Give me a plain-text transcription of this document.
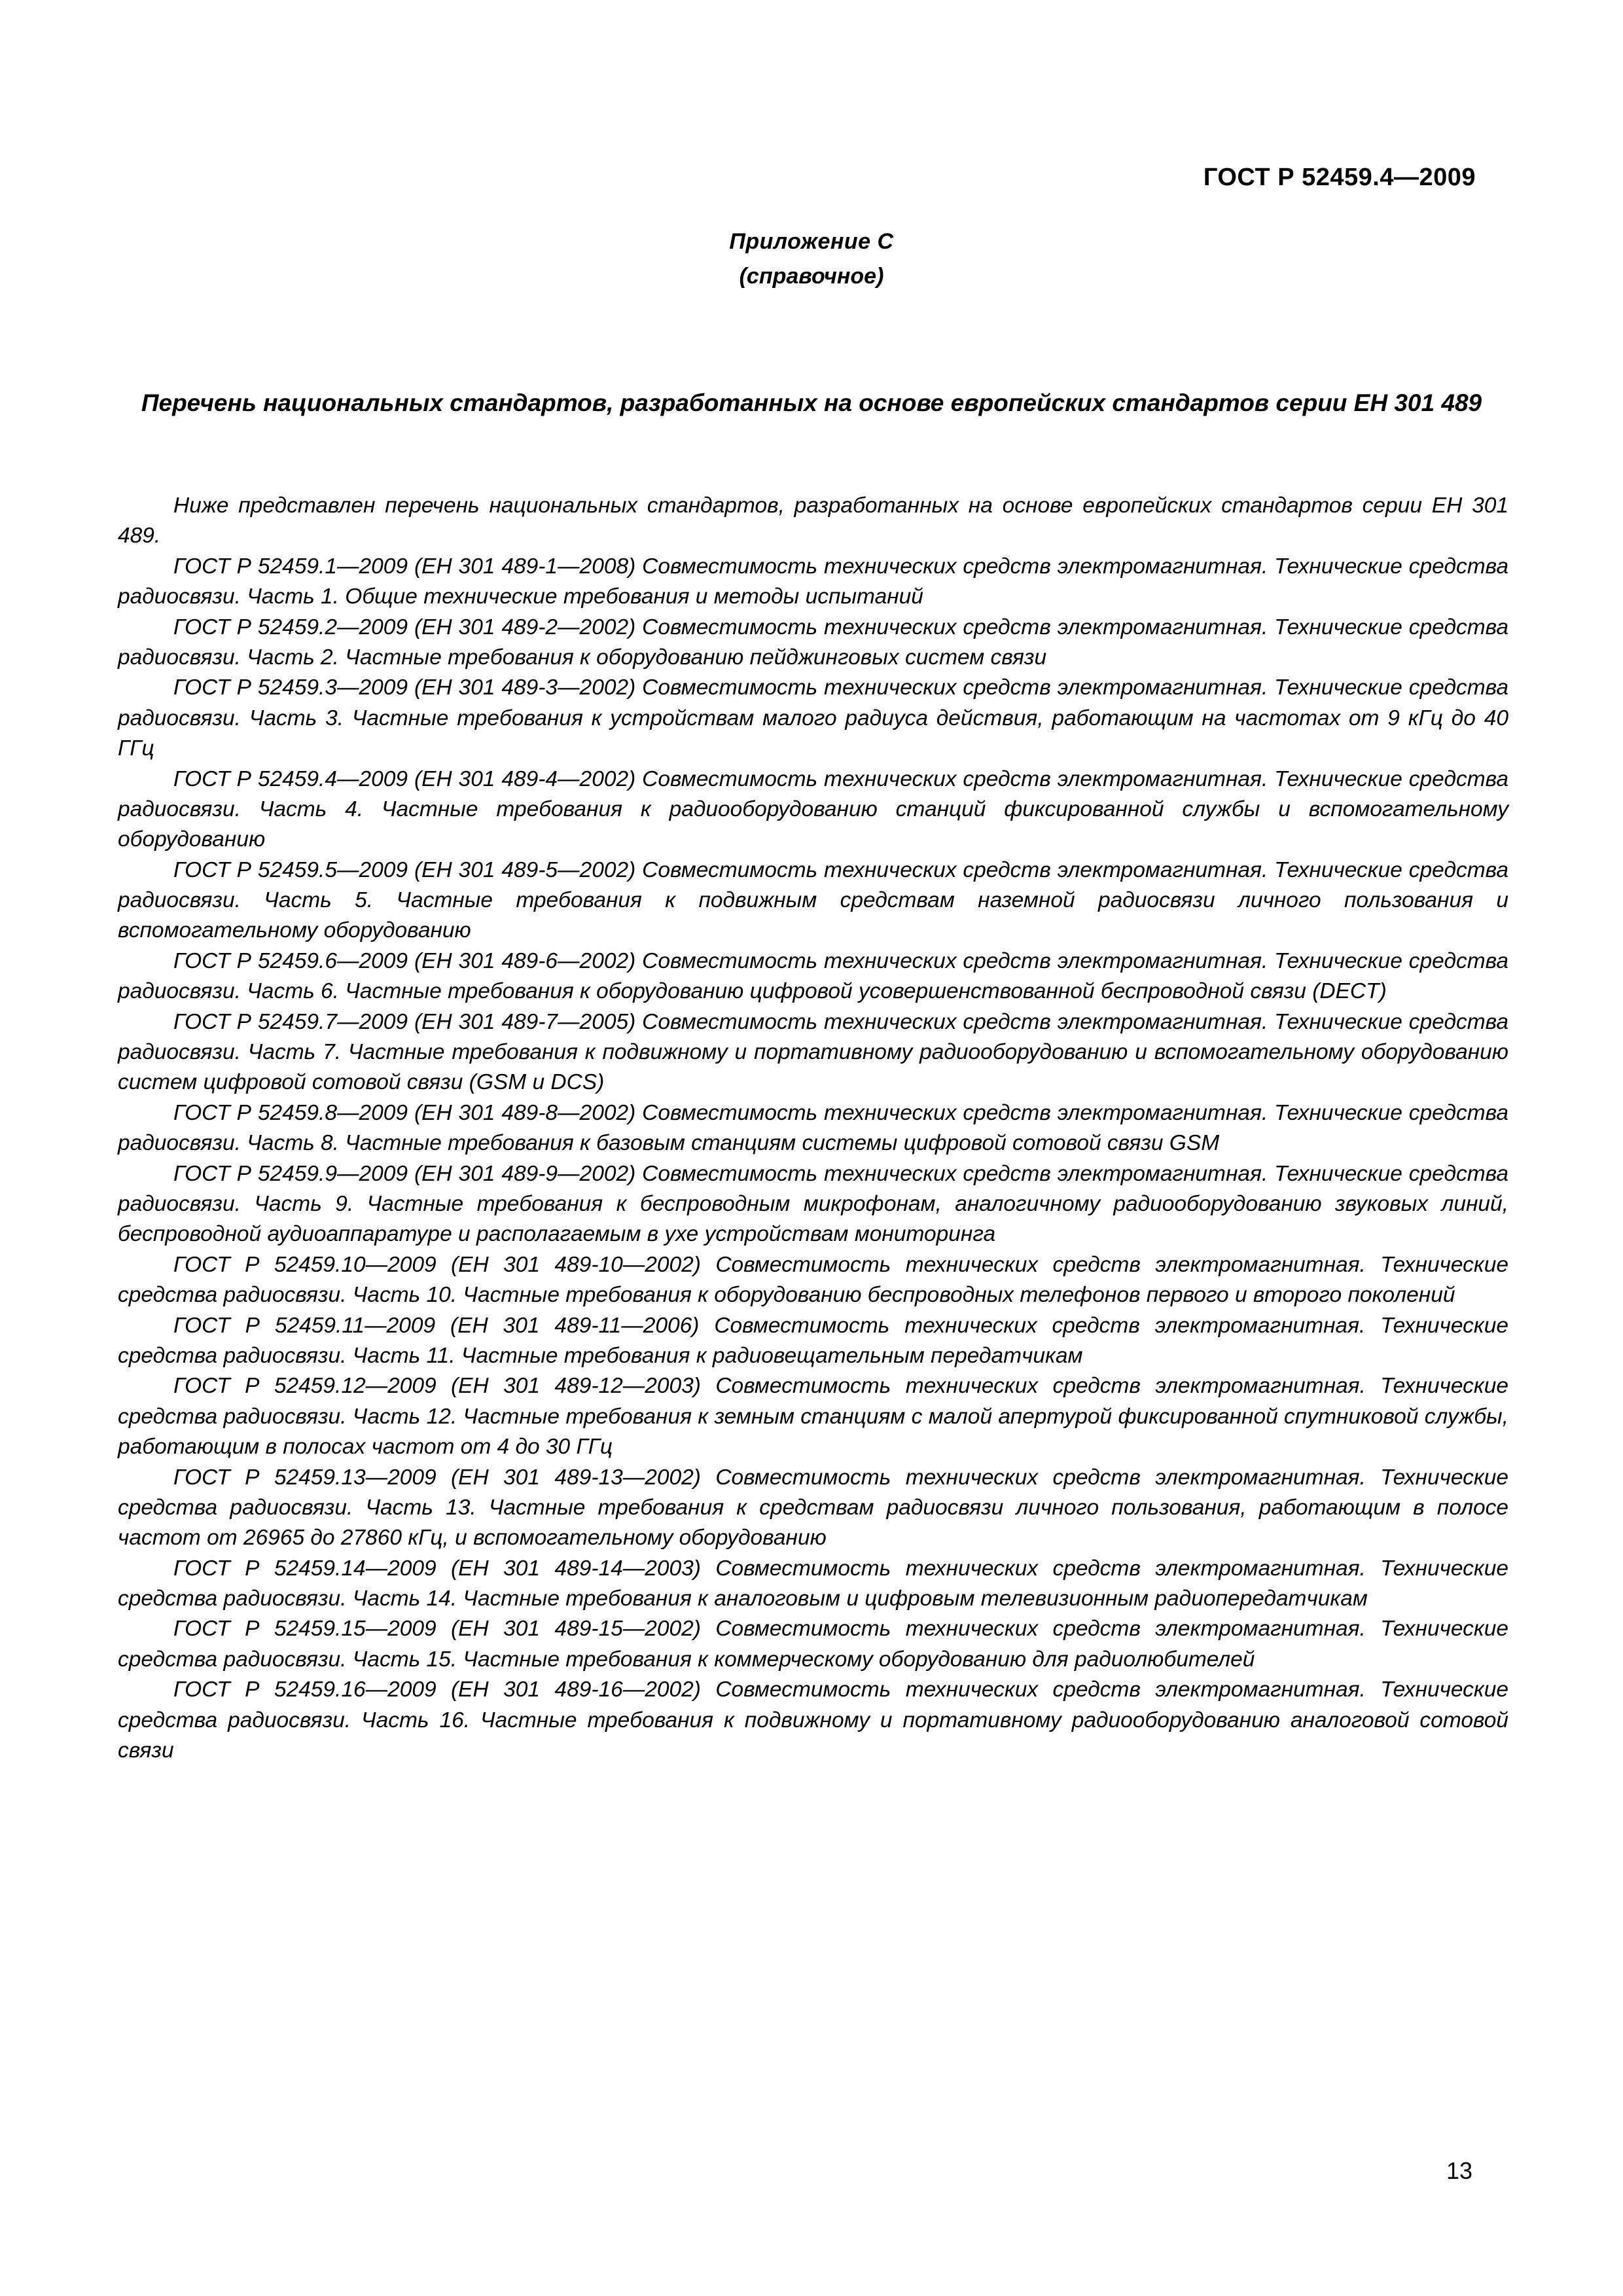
ГОСТ Р 52459.4—2009
Приложение С
(справочное)
Перечень национальных стандартов, разработанных на основе европейских стандартов серии ЕН 301 489

Ниже представлен перечень национальных стандартов, разработанных на основе европейских стандартов серии ЕН 301 489.

ГОСТ Р 52459.1—2009 (ЕН 301 489-1—2008) Совместимость технических средств электромагнитная. Технические средства радиосвязи. Часть 1. Общие технические требования и методы испытаний

ГОСТ Р 52459.2—2009 (ЕН 301 489-2—2002) Совместимость технических средств электромагнитная. Технические средства радиосвязи. Часть 2. Частные требования к оборудованию пейджинговых систем связи

ГОСТ Р 52459.3—2009 (ЕН 301 489-3—2002) Совместимость технических средств электромагнитная. Технические средства радиосвязи. Часть 3. Частные требования к устройствам малого радиуса действия, работающим на частотах от 9 кГц до 40 ГГц

ГОСТ Р 52459.4—2009 (ЕН 301 489-4—2002) Совместимость технических средств электромагнитная. Технические средства радиосвязи. Часть 4. Частные требования к радиооборудованию станций фиксированной службы и вспомогательному оборудованию

ГОСТ Р 52459.5—2009 (ЕН 301 489-5—2002) Совместимость технических средств электромагнитная. Технические средства радиосвязи. Часть 5. Частные требования к подвижным средствам наземной радиосвязи личного пользования и вспомогательному оборудованию

ГОСТ Р 52459.6—2009 (ЕН 301 489-6—2002) Совместимость технических средств электромагнитная. Технические средства радиосвязи. Часть 6. Частные требования к оборудованию цифровой усовершенствованной беспроводной связи (DECT)

ГОСТ Р 52459.7—2009 (ЕН 301 489-7—2005) Совместимость технических средств электромагнитная. Технические средства радиосвязи. Часть 7. Частные требования к подвижному и портативному радиооборудованию и вспомогательному оборудованию систем цифровой сотовой связи (GSM и DCS)

ГОСТ Р 52459.8—2009 (ЕН 301 489-8—2002) Совместимость технических средств электромагнитная. Технические средства радиосвязи. Часть 8. Частные требования к базовым станциям системы цифровой сотовой связи GSM

ГОСТ Р 52459.9—2009 (ЕН 301 489-9—2002) Совместимость технических средств электромагнитная. Технические средства радиосвязи. Часть 9. Частные требования к беспроводным микрофонам, аналогичному радиооборудованию звуковых линий, беспроводной аудиоаппаратуре и располагаемым в ухе устройствам мониторинга

ГОСТ Р 52459.10—2009 (ЕН 301 489-10—2002) Совместимость технических средств электромагнитная. Технические средства радиосвязи. Часть 10. Частные требования к оборудованию беспроводных телефонов первого и второго поколений

ГОСТ Р 52459.11—2009 (ЕН 301 489-11—2006) Совместимость технических средств электромагнитная. Технические средства радиосвязи. Часть 11. Частные требования к радиовещательным передатчикам

ГОСТ Р 52459.12—2009 (ЕН 301 489-12—2003) Совместимость технических средств электромагнитная. Технические средства радиосвязи. Часть 12. Частные требования к земным станциям с малой апертурой фиксированной спутниковой службы, работающим в полосах частот от 4 до 30 ГГц

ГОСТ Р 52459.13—2009 (ЕН 301 489-13—2002) Совместимость технических средств электромагнитная. Технические средства радиосвязи. Часть 13. Частные требования к средствам радиосвязи личного пользования, работающим в полосе частот от 26965 до 27860 кГц, и вспомогательному оборудованию

ГОСТ Р 52459.14—2009 (ЕН 301 489-14—2003) Совместимость технических средств электромагнитная. Технические средства радиосвязи. Часть 14. Частные требования к аналоговым и цифровым телевизионным радиопередатчикам

ГОСТ Р 52459.15—2009 (ЕН 301 489-15—2002) Совместимость технических средств электромагнитная. Технические средства радиосвязи. Часть 15. Частные требования к коммерческому оборудованию для радиолюбителей

ГОСТ Р 52459.16—2009 (ЕН 301 489-16—2002) Совместимость технических средств электромагнитная. Технические средства радиосвязи. Часть 16. Частные требования к подвижному и портативному радиооборудованию аналоговой сотовой связи

13
